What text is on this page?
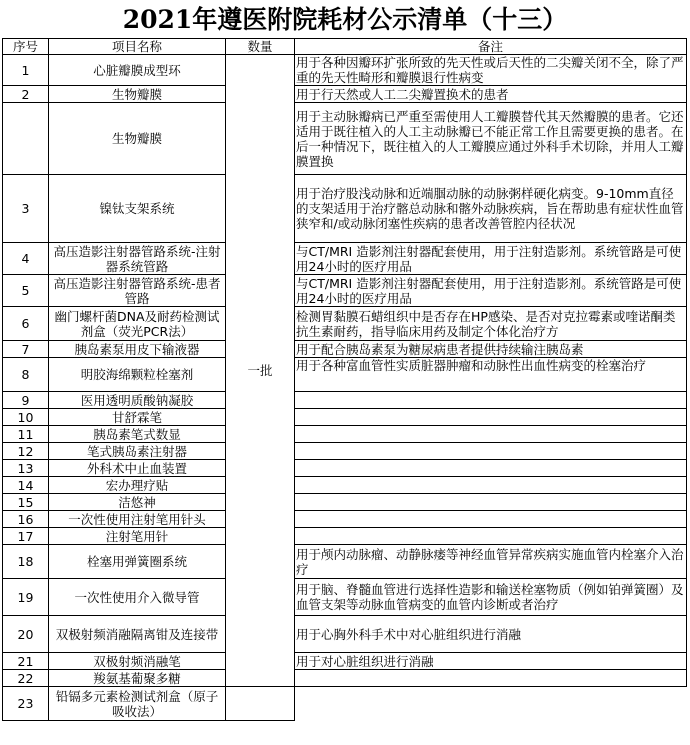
2021年遵医附院耗材公示清单（十三）
序号	项目名称	数量	备注
1	心脏瓣膜成型环	一批	用于各种因瓣环扩张所致的先天性或后天性的二尖瓣关闭不全，除了严重的先天性畸形和瓣膜退行性病变
2	生物瓣膜		用于行天然或人工二尖瓣置换术的患者
	生物瓣膜		用于主动脉瓣病已严重至需使用人工瓣膜替代其天然瓣膜的患者。它还适用于既往植入的人工主动脉瓣已不能正常工作且需要更换的患者。在后一种情况下，既往植入的人工瓣膜应通过外科手术切除，并用人工瓣膜置换
3	镍钛支架系统		用于治疗股浅动脉和近端腘动脉的动脉粥样硬化病变。9-10mm直径的支架适用于治疗髂总动脉和髂外动脉疾病，旨在帮助患有症状性血管狭窄和/或动脉闭塞性疾病的患者改善管腔内径状况
4	高压造影注射器管路系统-注射器系统管路		与CT/MRI 造影剂注射器配套使用，用于注射造影剂。系统管路是可使用24小时的医疗用品
5	高压造影注射器管路系统-患者管路		与CT/MRI 造影剂注射器配套使用，用于注射造影剂。系统管路是可使用24小时的医疗用品
6	幽门螺杆菌DNA及耐药检测试剂盒（荧光PCR法）		检测胃黏膜石蜡组织中是否存在HP感染、是否对克拉霉素或喹诺酮类抗生素耐药，指导临床用药及制定个体化治疗方
7	胰岛素泵用皮下输液器		用于配合胰岛素泵为糖尿病患者提供持续输注胰岛素
8	明胶海绵颗粒栓塞剂		用于各种富血管性实质脏器肿瘤和动脉性出血性病变的栓塞治疗
9	医用透明质酸钠凝胶		
10	甘舒霖笔		
11	胰岛素笔式数显		
12	笔式胰岛素注射器		
13	外科术中止血装置		
14	宏办理疗贴		
15	洁悠神		
16	一次性使用注射笔用针头		
17	注射笔用针		
18	栓塞用弹簧圈系统		用于颅内动脉瘤、动静脉瘘等神经血管异常疾病实施血管内栓塞介入治疗
19	一次性使用介入微导管		用于脑、脊髓血管进行选择性造影和输送栓塞物质（例如铂弹簧圈）及血管支架等动脉血管病变的血管内诊断或者治疗
20	双极射频消融隔离钳及连接带		用于心胸外科手术中对心脏组织进行消融
21	双极射频消融笔		用于对心脏组织进行消融
22	羧氨基葡聚多糖		
23	铅镉多元素检测试剂盒（原子吸收法）		
